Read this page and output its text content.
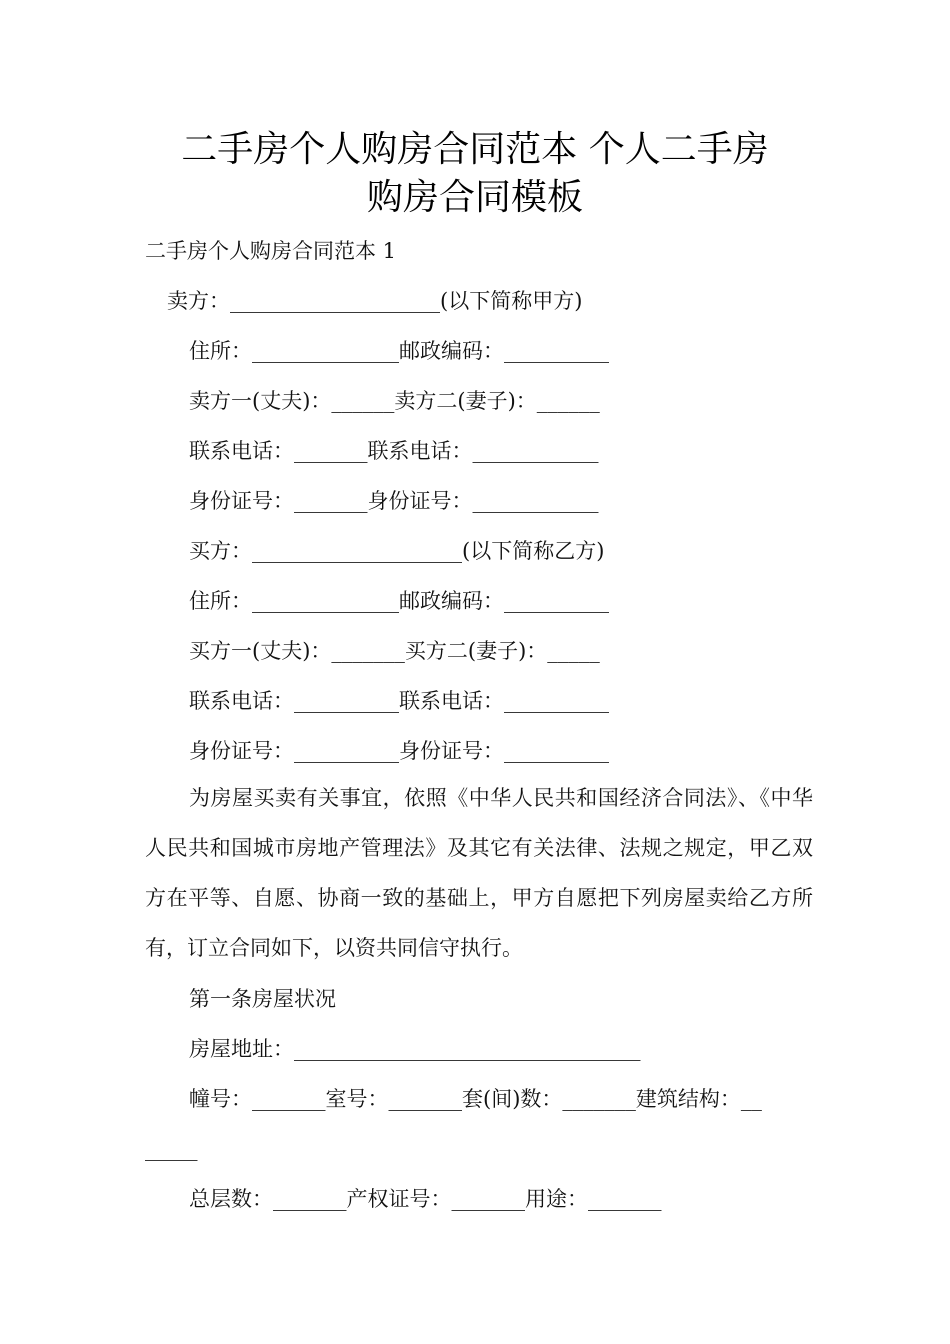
二手房个人购房合同范本 个人二手房
购房合同模板

二手房个人购房合同范本 1

卖方：____________________(以下简称甲方)

住所：______________邮政编码：__________

卖方一(丈夫)：______卖方二(妻子)：______

联系电话：_______联系电话：____________

身份证号：_______身份证号：____________

买方：____________________(以下简称乙方)

住所：______________邮政编码：__________

买方一(丈夫)：_______买方二(妻子)：_____

联系电话：__________联系电话：__________

身份证号：__________身份证号：__________

为房屋买卖有关事宜，依照《中华人民共和国经济合同法》、《中华人民共和国城市房地产管理法》及其它有关法律、法规之规定，甲乙双方在平等、自愿、协商一致的基础上，甲方自愿把下列房屋卖给乙方所有，订立合同如下，以资共同信守执行。

第一条房屋状况

房屋地址：_________________________________

幢号：_______室号：_______套(间)数：_______建筑结构：__

_____

总层数：_______产权证号：_______用途：_______
